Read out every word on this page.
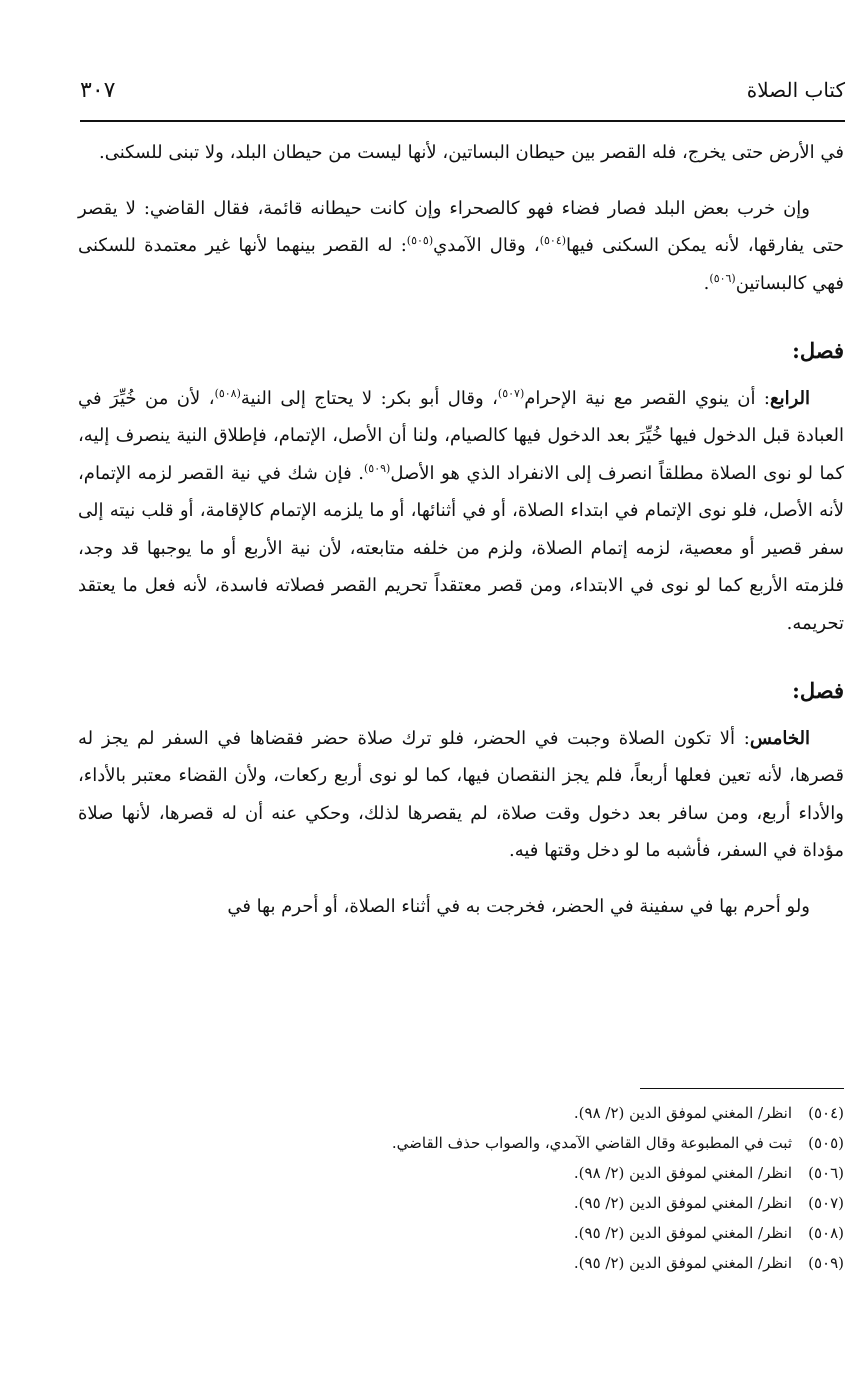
كتاب الصلاة
٣٠٧

في الأرض حتى يخرج، فله القصر بين حيطان البساتين، لأنها ليست من حيطان البلد، ولا تبنى للسكنى.

وإن خرب بعض البلد فصار فضاء فهو كالصحراء وإن كانت حيطانه قائمة، فقال القاضي: لا يقصر حتى يفارقها، لأنه يمكن السكنى فيها$^{(٥٠٤)}$، وقال الآمدي$^{(٥٠٥)}$: له القصر بينهما لأنها غير معتمدة للسكنى فهي كالبساتين$^{(٥٠٦)}$.

فصل:

الرابع: أن ينوي القصر مع نية الإحرام$^{(٥٠٧)}$، وقال أبو بكر: لا يحتاج إلى النية$^{(٥٠٨)}$، لأن من خُيِّرَ في العبادة قبل الدخول فيها خُيِّرَ بعد الدخول فيها كالصيام، ولنا أن الأصل، الإتمام، فإطلاق النية ينصرف إليه، كما لو نوى الصلاة مطلقاً انصرف إلى الانفراد الذي هو الأصل$^{(٥٠٩)}$. فإن شك في نية القصر لزمه الإتمام، لأنه الأصل، فلو نوى الإتمام في ابتداء الصلاة، أو في أثنائها، أو ما يلزمه الإتمام كالإقامة، أو قلب نيته إلى سفر قصير أو معصية، لزمه إتمام الصلاة، ولزم من خلفه متابعته، لأن نية الأربع أو ما يوجبها قد وجد، فلزمته الأربع كما لو نوى في الابتداء، ومن قصر معتقداً تحريم القصر فصلاته فاسدة، لأنه فعل ما يعتقد تحريمه.

فصل:

الخامس: ألا تكون الصلاة وجبت في الحضر، فلو ترك صلاة حضر فقضاها في السفر لم يجز له قصرها، لأنه تعين فعلها أربعاً، فلم يجز النقصان فيها، كما لو نوى أربع ركعات، ولأن القضاء معتبر بالأداء، والأداء أربع، ومن سافر بعد دخول وقت صلاة، لم يقصرها لذلك، وحكي عنه أن له قصرها، لأنها صلاة مؤداة في السفر، فأشبه ما لو دخل وقتها فيه.

ولو أحرم بها في سفينة في الحضر، فخرجت به في أثناء الصلاة، أو أحرم بها في

(٥٠٤)
انظر/ المغني لموفق الدين (٢/ ٩٨).
(٥٠٥)
ثبت في المطبوعة وقال القاضي الآمدي، والصواب حذف القاضي.
(٥٠٦)
انظر/ المغني لموفق الدين (٢/ ٩٨).
(٥٠٧)
انظر/ المغني لموفق الدين (٢/ ٩٥).
(٥٠٨)
انظر/ المغني لموفق الدين (٢/ ٩٥).
(٥٠٩)
انظر/ المغني لموفق الدين (٢/ ٩٥).
